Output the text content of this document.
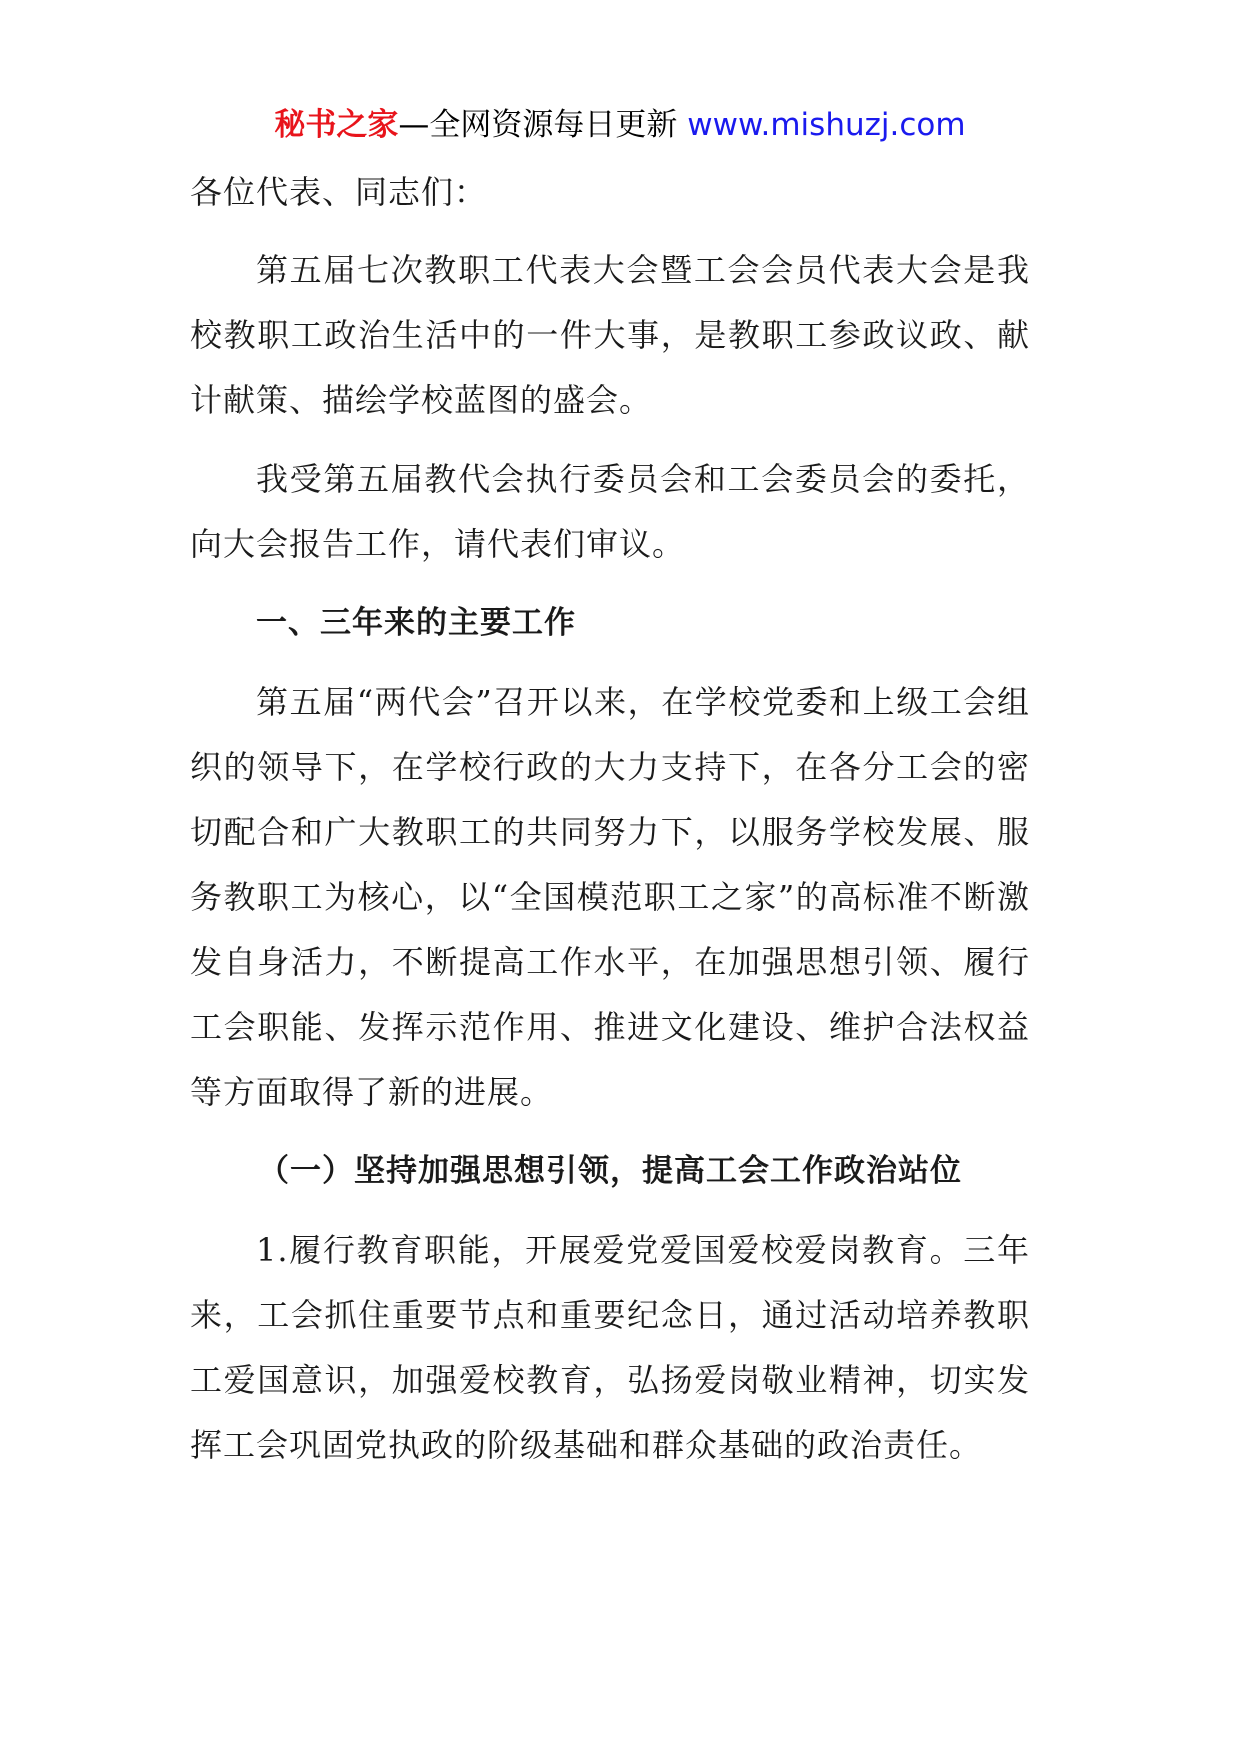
秘书之家—全网资源每日更新 www.mishuzj.com

各位代表、同志们：

第五届七次教职工代表大会暨工会会员代表大会是我校教职工政治生活中的一件大事，是教职工参政议政、献计献策、描绘学校蓝图的盛会。

我受第五届教代会执行委员会和工会委员会的委托，向大会报告工作，请代表们审议。

一、三年来的主要工作

第五届“两代会”召开以来，在学校党委和上级工会组织的领导下，在学校行政的大力支持下，在各分工会的密切配合和广大教职工的共同努力下，以服务学校发展、服务教职工为核心，以“全国模范职工之家”的高标准不断激发自身活力，不断提高工作水平，在加强思想引领、履行工会职能、发挥示范作用、推进文化建设、维护合法权益等方面取得了新的进展。

（一）坚持加强思想引领，提高工会工作政治站位

1.履行教育职能，开展爱党爱国爱校爱岗教育。三年来，工会抓住重要节点和重要纪念日，通过活动培养教职工爱国意识，加强爱校教育，弘扬爱岗敬业精神，切实发挥工会巩固党执政的阶级基础和群众基础的政治责任。
